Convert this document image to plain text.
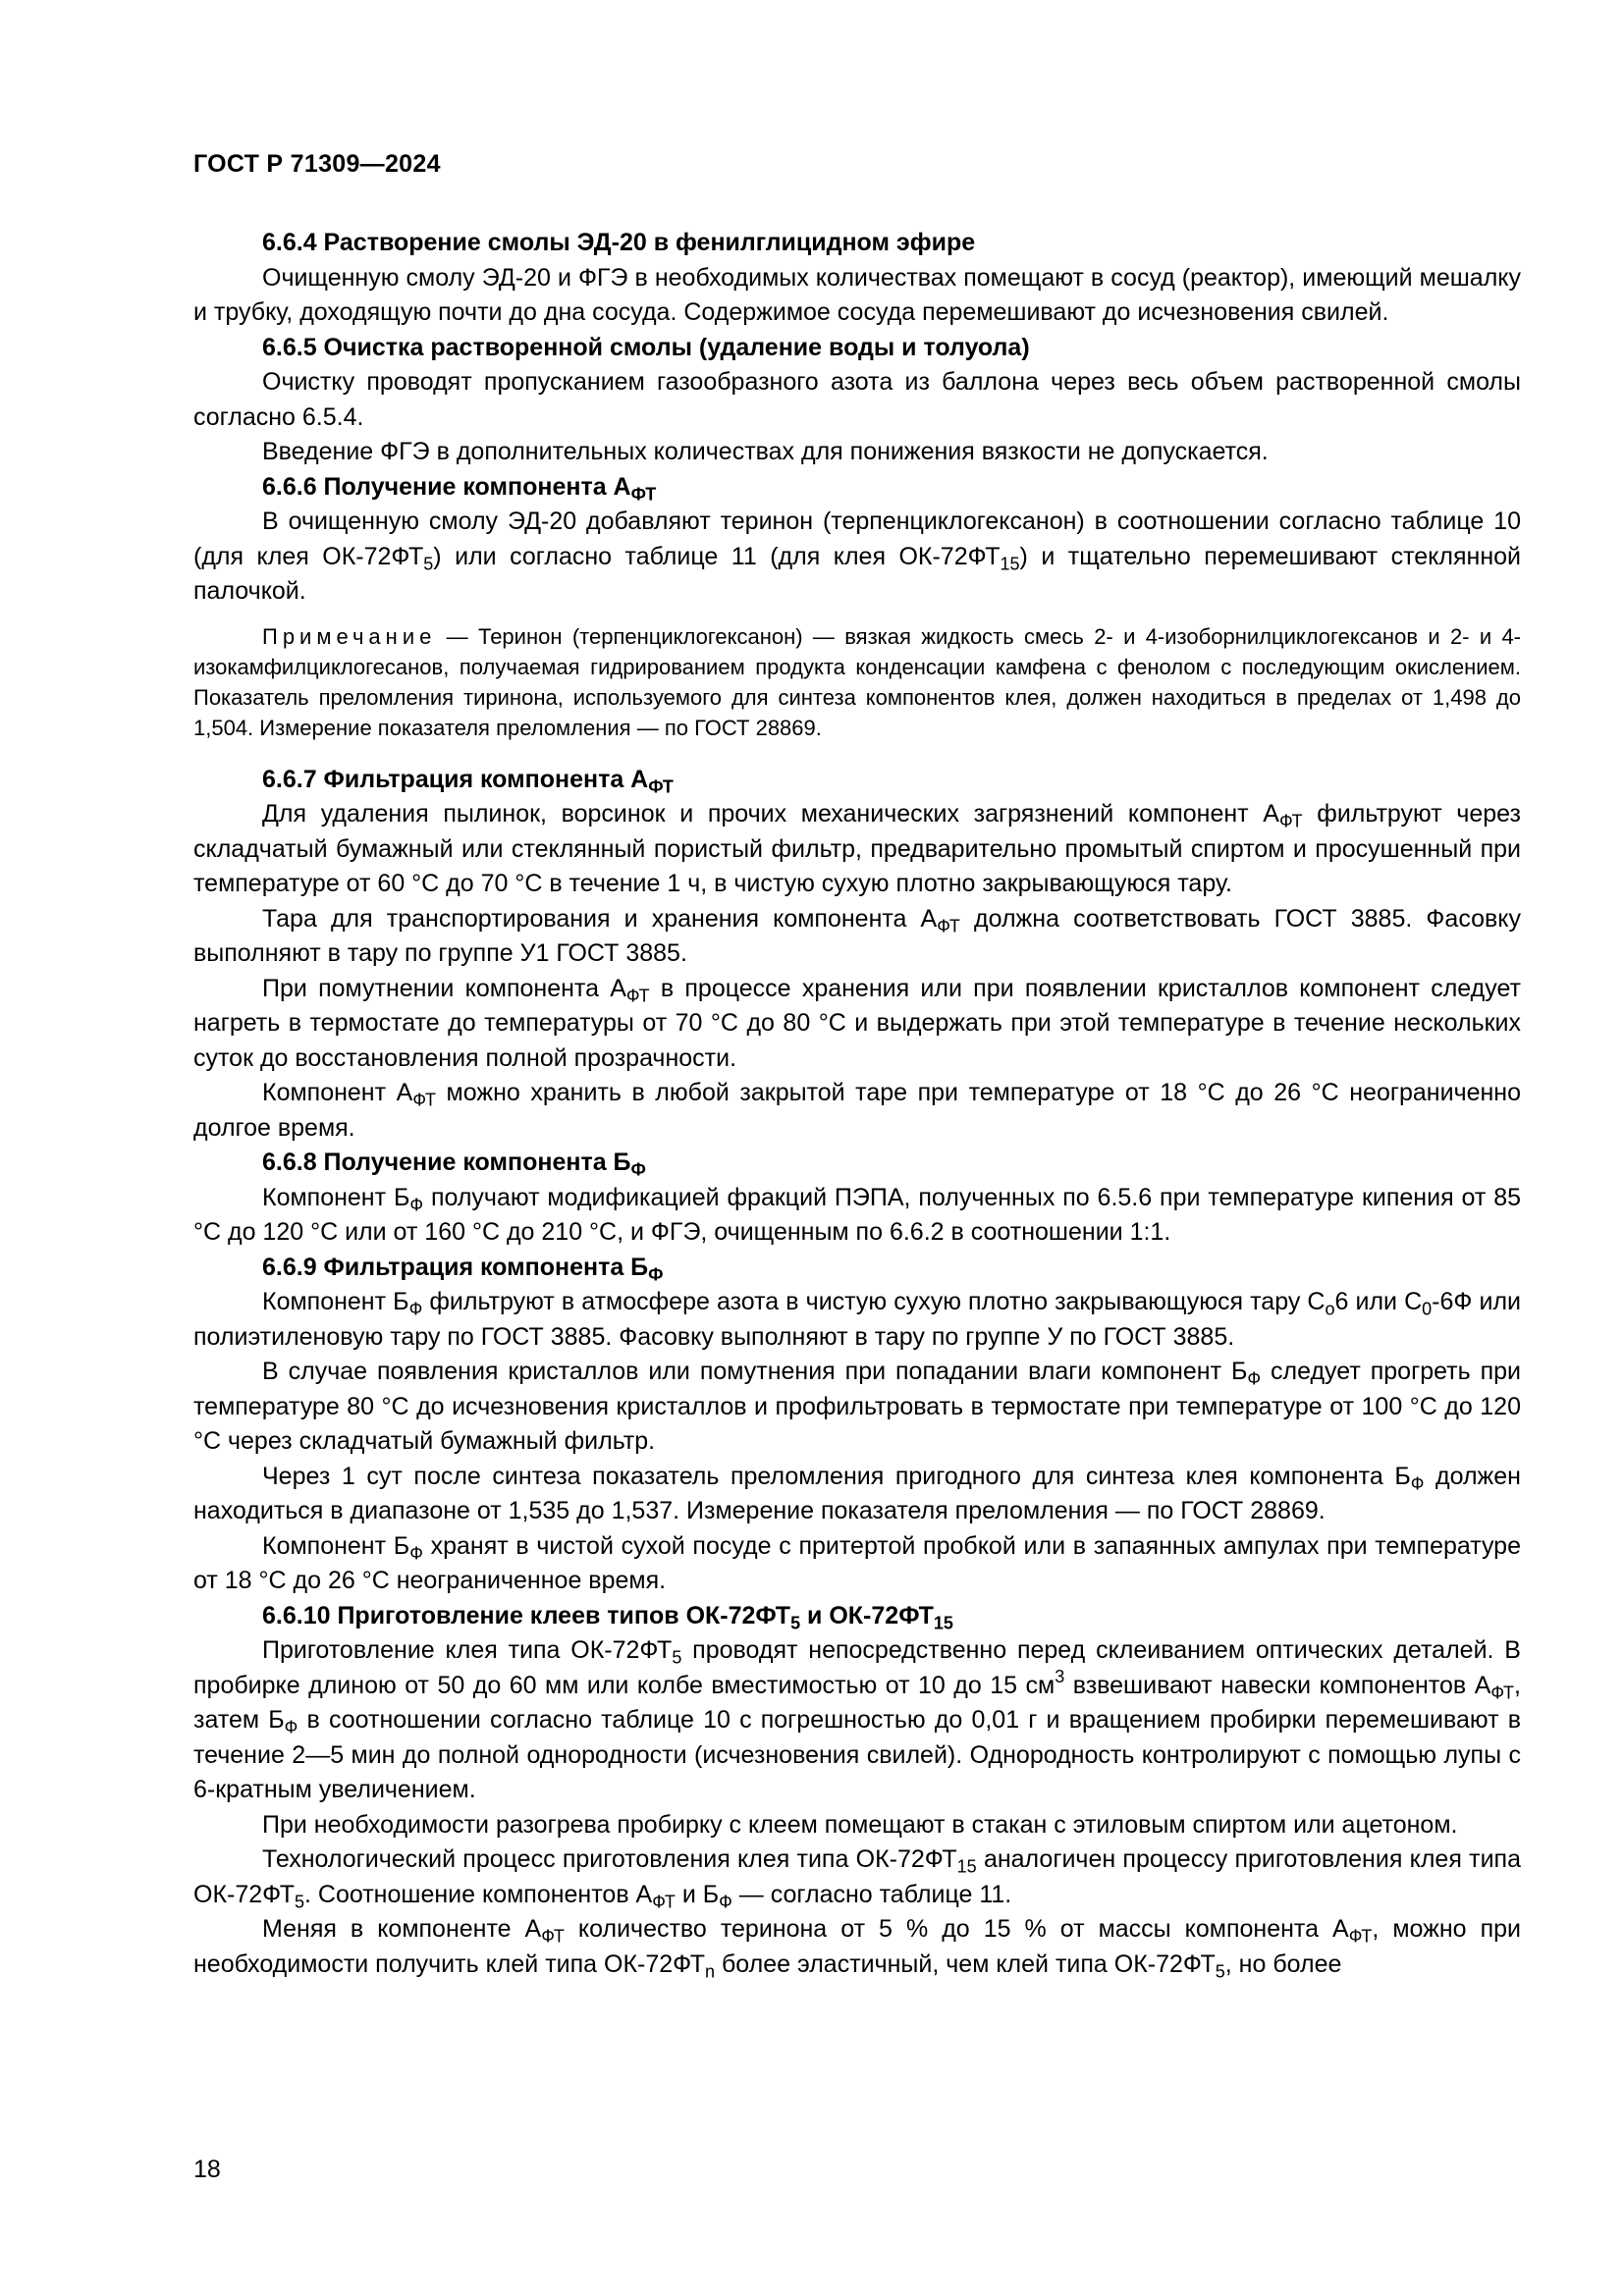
ГОСТ Р 71309—2024

6.6.4 Растворение смолы ЭД-20 в фенилглицидном эфире

Очищенную смолу ЭД-20 и ФГЭ в необходимых количествах помещают в сосуд (реактор), имеющий мешалку и трубку, доходящую почти до дна сосуда. Содержимое сосуда перемешивают до исчезновения свилей.

6.6.5 Очистка растворенной смолы (удаление воды и толуола)

Очистку проводят пропусканием газообразного азота из баллона через весь объем растворенной смолы согласно 6.5.4.

Введение ФГЭ в дополнительных количествах для понижения вязкости не допускается.

6.6.6 Получение компонента $А_{ФТ}$

В очищенную смолу ЭД-20 добавляют теринон (терпенциклогексанон) в соотношении согласно таблице 10 (для клея $ОК-72ФТ_5$) или согласно таблице 11 (для клея $ОК-72ФТ_{15}$) и тщательно перемешивают стеклянной палочкой.

Примечание — Теринон (терпенциклогексанон) — вязкая жидкость смесь 2- и 4-изоборнилциклогексанов и 2- и 4-изокамфилциклогесанов, получаемая гидрированием продукта конденсации камфена с фенолом с последующим окислением. Показатель преломления тиринона, используемого для синтеза компонентов клея, должен находиться в пределах от 1,498 до 1,504. Измерение показателя преломления — по ГОСТ 28869.

6.6.7 Фильтрация компонента $А_{ФТ}$

Для удаления пылинок, ворсинок и прочих механических загрязнений компонент $А_{ФТ}$ фильтруют через складчатый бумажный или стеклянный пористый фильтр, предварительно промытый спиртом и просушенный при температуре от 60 °С до 70 °С в течение 1 ч, в чистую сухую плотно закрывающуюся тару.

Тара для транспортирования и хранения компонента $А_{ФТ}$ должна соответствовать ГОСТ 3885. Фасовку выполняют в тару по группе У1 ГОСТ 3885.

При помутнении компонента $А_{ФТ}$ в процессе хранения или при появлении кристаллов компонент следует нагреть в термостате до температуры от 70 °С до 80 °С и выдержать при этой температуре в течение нескольких суток до восстановления полной прозрачности.

Компонент $А_{ФТ}$ можно хранить в любой закрытой таре при температуре от 18 °С до 26 °С неограниченно долгое время.

6.6.8 Получение компонента $Б_Ф$

Компонент $Б_Ф$ получают модификацией фракций ПЭПА, полученных по 6.5.6 при температуре кипения от 85 °С до 120 °С или от 160 °С до 210 °С, и ФГЭ, очищенным по 6.6.2 в соотношении 1:1.

6.6.9 Фильтрация компонента $Б_Ф$

Компонент $Б_Ф$ фильтруют в атмосфере азота в чистую сухую плотно закрывающуюся тару $С_о6$ или $С_0-6Ф$ или полиэтиленовую тару по ГОСТ 3885. Фасовку выполняют в тару по группе У по ГОСТ 3885.

В случае появления кристаллов или помутнения при попадании влаги компонент $Б_Ф$ следует прогреть при температуре 80 °С до исчезновения кристаллов и профильтровать в термостате при температуре от 100 °С до 120 °С через складчатый бумажный фильтр.

Через 1 сут после синтеза показатель преломления пригодного для синтеза клея компонента $Б_Ф$ должен находиться в диапазоне от 1,535 до 1,537. Измерение показателя преломления — по ГОСТ 28869.

Компонент $Б_Ф$ хранят в чистой сухой посуде с притертой пробкой или в запаянных ампулах при температуре от 18 °С до 26 °С неограниченное время.

6.6.10 Приготовление клеев типов $ОК-72ФТ_5$ и $ОК-72ФТ_{15}$

Приготовление клея типа $ОК-72ФТ_5$ проводят непосредственно перед склеиванием оптических деталей. В пробирке длиною от 50 до 60 мм или колбе вместимостью от 10 до 15 $см^3$ взвешивают навески компонентов $А_{ФТ}$, затем $Б_Ф$ в соотношении согласно таблице 10 с погрешностью до 0,01 г и вращением пробирки перемешивают в течение 2—5 мин до полной однородности (исчезновения свилей). Однородность контролируют с помощью лупы с 6-кратным увеличением.

При необходимости разогрева пробирку с клеем помещают в стакан с этиловым спиртом или ацетоном.

Технологический процесс приготовления клея типа $ОК-72ФТ_{15}$ аналогичен процессу приготовления клея типа $ОК-72ФТ_5$. Соотношение компонентов $А_{ФТ}$ и $Б_Ф$ — согласно таблице 11.

Меняя в компоненте $А_{ФТ}$ количество теринона от 5 % до 15 % от массы компонента $А_{ФТ}$, можно при необходимости получить клей типа $ОК-72ФТ_n$ более эластичный, чем клей типа $ОК-72ФТ_5$, но более

18
